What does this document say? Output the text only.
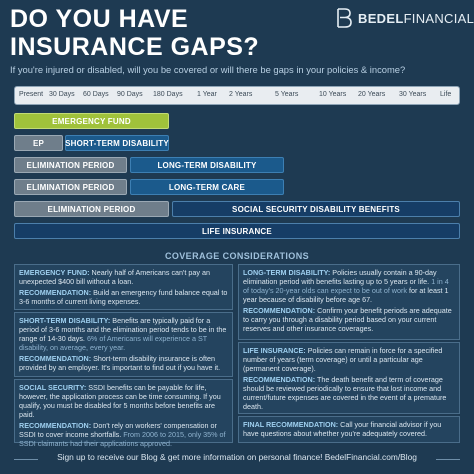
DO YOU HAVE
INSURANCE GAPS?
BEDELFINANCIAL
If you're injured or disabled, will you be covered or will there be gaps in your policies & income?
Present 30 Days 60 Days 90 Days 180 Days 1 Year 2 Years	5 Years	10 Years 20 Years 30 Years Life
EMERGENCY FUND
EP	SHORT-TERM DISABILITY
ELIMINATION PERIOD	LONG-TERM DISABILITY
ELIMINATION PERIOD	LONG-TERM CARE
ELIMINATION PERIOD	SOCIAL SECURITY DISABILITY BENEFITS
LIFE INSURANCE
COVERAGE CONSIDERATIONS

EMERGENCY FUND: Nearly half of Americans can't pay an unexpected $400 bill without a loan.

RECOMMENDATION: Build an emergency fund balance equal to 3-6 months of current living expenses.

SHORT-TERM DISABILITY: Benefits are typically paid for a period of 3-6 months and the elimination period tends to be in the range of 14-30 days. 6% of Americans will experience a ST disability, on average, every year.

RECOMMENDATION: Short-term disability insurance is often provided by an employer. It's important to find out if you have it.

SOCIAL SECURITY: SSDI benefits can be payable for life, however, the application process can be time consuming. If you qualify, you must be disabled for 5 months before benefits are paid.

RECOMMENDATION: Don't rely on workers' compensation or SSDI to cover income shortfalls. From 2006 to 2015, only 35% of SSDI claimants had their applications approved.

LONG-TERM DISABILITY: Policies usually contain a 90-day elimination period with benefits lasting up to 5 years or life. 1 in 4 of today's 20-year olds can expect to be out of work for at least 1 year because of disability before age 67.

RECOMMENDATION: Confirm your benefit periods are adequate to carry you through a disability period based on your current reserves and other insurance coverages.

LIFE INSURANCE: Policies can remain in force for a specified number of years (term coverage) or until a particular age (permanent coverage).

RECOMMENDATION: The death benefit and term of coverage should be reviewed periodically to ensure that lost income and current/future expenses are covered in the event of a premature death.

FINAL RECOMMENDATION: Call your financial advisor if you have questions about whether you're adequately covered.

Sign up to receive our Blog & get more information on personal finance! BedelFinancial.com/Blog
